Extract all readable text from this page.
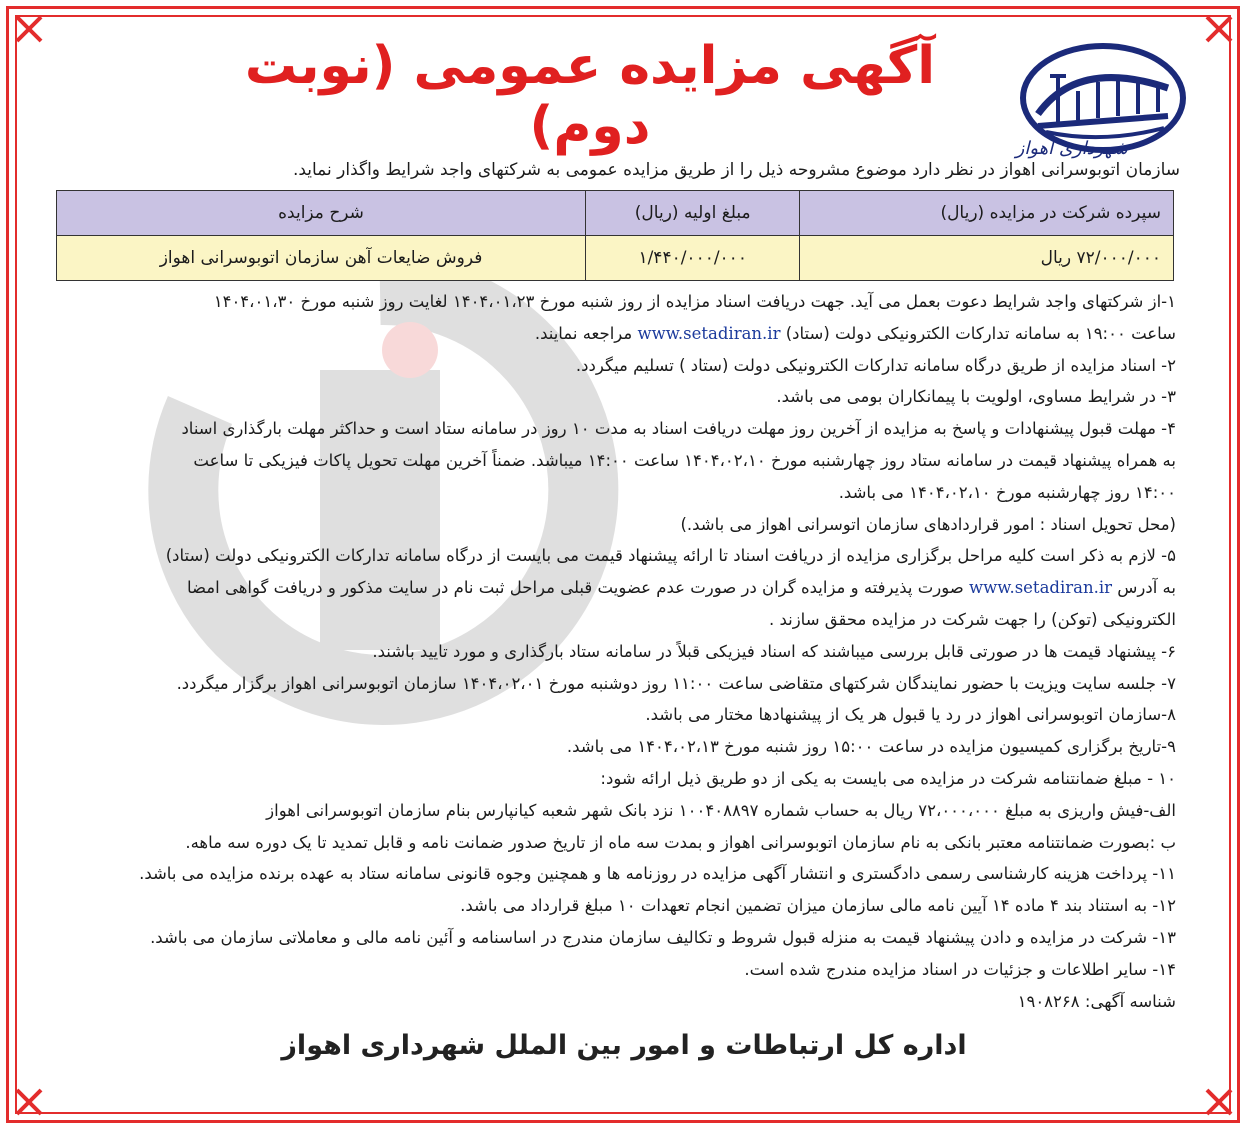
شهرداری اهواز
آگهی مزایده عمومی (نوبت دوم)
سازمان اتوبوسرانی اهواز در نظر دارد موضوع مشروحه ذیل را از طریق مزایده عمومی به شرکتهای واجد شرایط واگذار نماید.
سپرده شرکت در مزایده (ریال)	مبلغ اولیه (ریال)	شرح مزایده
۷۲/۰۰۰/۰۰۰ ریال	۱/۴۴۰/۰۰۰/۰۰۰	فروش ضایعات آهن سازمان اتوبوسرانی اهواز

۱-از شرکتهای واجد شرایط دعوت بعمل می آید. جهت دریافت اسناد مزایده از روز شنبه مورخ ۱۴۰۴،۰۱،۲۳ لغایت روز شنبه مورخ ۱۴۰۴،۰۱،۳۰

ساعت ۱۹:۰۰ به سامانه تدارکات الکترونیکی دولت (ستاد) www.setadiran.ir مراجعه نمایند.

۲- اسناد مزایده از طریق درگاه سامانه تدارکات الکترونیکی دولت (ستاد ) تسلیم میگردد.

۳- در شرایط مساوی، اولویت با پیمانکاران بومی می باشد.

۴- مهلت قبول پیشنهادات و پاسخ به مزایده از آخرین روز مهلت دریافت اسناد به مدت ۱۰ روز در سامانه ستاد است و حداکثر مهلت بارگذاری اسناد

به همراه پیشنهاد قیمت در سامانه ستاد روز چهارشنبه مورخ ۱۴۰۴،۰۲،۱۰ ساعت ۱۴:۰۰ میباشد. ضمناً آخرین مهلت تحویل پاکات فیزیکی تا ساعت

۱۴:۰۰ روز چهارشنبه مورخ ۱۴۰۴،۰۲،۱۰ می باشد.

(محل تحویل اسناد : امور قراردادهای سازمان اتوسرانی اهواز می باشد.)

۵- لازم به ذکر است کلیه مراحل برگزاری مزایده از دریافت اسناد تا ارائه پیشنهاد قیمت می بایست از درگاه سامانه تدارکات الکترونیکی دولت (ستاد)

به آدرس www.setadiran.ir صورت پذیرفته و مزایده گران در صورت عدم عضویت قبلی مراحل ثبت نام در سایت مذکور و دریافت گواهی امضا

الکترونیکی (توکن) را جهت شرکت در مزایده محقق سازند .

۶- پیشنهاد قیمت ها در صورتی قابل بررسی میباشند که اسناد فیزیکی قبلاً در سامانه ستاد بارگذاری و مورد تایید باشند.

۷- جلسه سایت ویزیت با حضور نمایندگان شرکتهای متقاضی ساعت ۱۱:۰۰ روز دوشنبه مورخ ۱۴۰۴،۰۲،۰۱ سازمان اتوبوسرانی اهواز برگزار میگردد.

۸-سازمان اتوبوسرانی اهواز در رد یا قبول هر یک از پیشنهادها مختار می باشد.

۹-تاریخ برگزاری کمیسیون مزایده در ساعت ۱۵:۰۰ روز شنبه مورخ ۱۴۰۴،۰۲،۱۳ می باشد.

۱۰ - مبلغ ضمانتنامه شرکت در مزایده می بایست به یکی از دو طریق ذیل ارائه شود:

الف-فیش واریزی به مبلغ ۷۲،۰۰۰،۰۰۰ ریال به حساب شماره ۱۰۰۴۰۸۸۹۷ نزد بانک شهر شعبه کیانپارس بنام سازمان اتوبوسرانی اهواز

ب :بصورت ضمانتنامه معتبر بانکی به نام سازمان اتوبوسرانی اهواز و بمدت سه ماه از تاریخ صدور ضمانت نامه و قابل تمدید تا یک دوره سه ماهه.

۱۱- پرداخت هزینه کارشناسی رسمی دادگستری و انتشار آگهی مزایده در روزنامه ها و همچنین وجوه قانونی سامانه ستاد به عهده برنده مزایده می باشد.

۱۲- به استناد بند ۴ ماده ۱۴ آیین نامه مالی سازمان میزان تضمین انجام تعهدات ۱۰ مبلغ قرارداد می باشد.

۱۳- شرکت در مزایده و دادن پیشنهاد قیمت به منزله قبول شروط و تکالیف سازمان مندرج در اساسنامه و آئین نامه مالی و معاملاتی سازمان می باشد.

۱۴- سایر اطلاعات و جزئیات در اسناد مزایده مندرج شده است.

شناسه آگهی: ۱۹۰۸۲۶۸

اداره کل ارتباطات و امور بین الملل شهرداری اهواز
